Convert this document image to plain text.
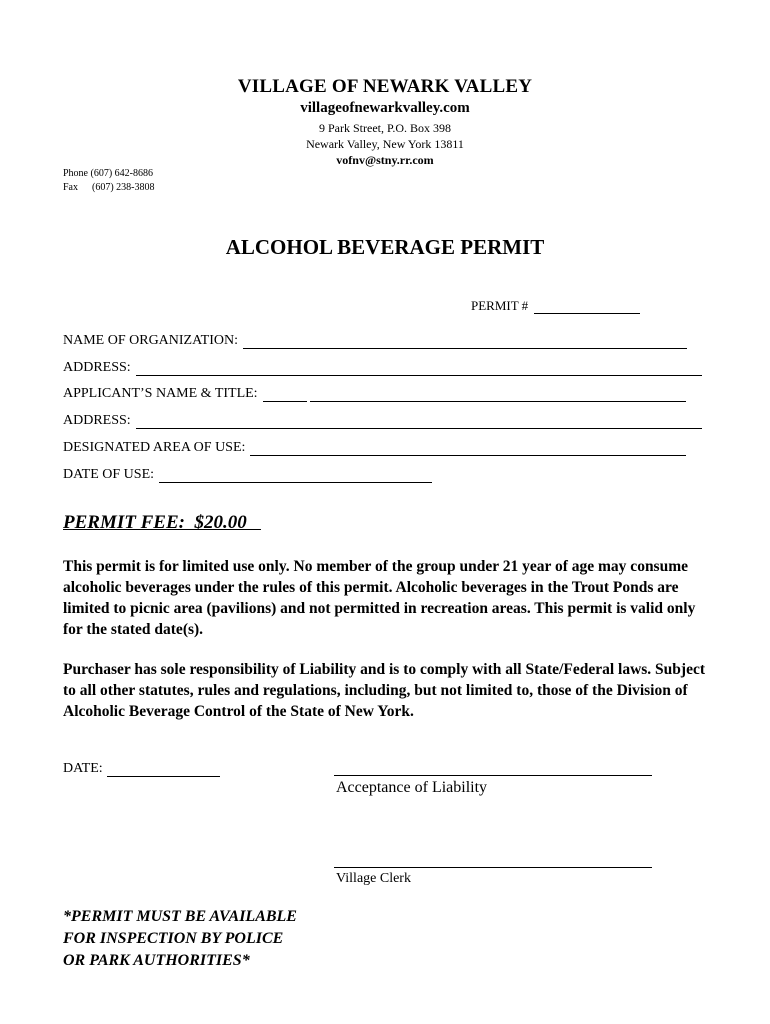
VILLAGE OF NEWARK VALLEY
villageofnewarkvalley.com
9 Park Street, P.O. Box 398
Newark Valley, New York 13811
vofnv@stny.rr.com
Phone (607) 642-8686
Fax (607) 238-3808
ALCOHOL BEVERAGE PERMIT
PERMIT #
NAME OF ORGANIZATION:
ADDRESS:
APPLICANT’S NAME & TITLE:
ADDRESS:
DESIGNATED AREA OF USE:
DATE OF USE:
PERMIT FEE:  $20.00

This permit is for limited use only. No member of the group under 21 year of age may consume alcoholic beverages under the rules of this permit. Alcoholic beverages in the Trout Ponds are limited to picnic area (pavilions) and not permitted in recreation areas. This permit is valid only for the stated date(s).

Purchaser has sole responsibility of Liability and is to comply with all State/Federal laws. Subject to all other statutes, rules and regulations, including, but not limited to, those of the Division of Alcoholic Beverage Control of the State of New York.

DATE:
Acceptance of Liability
Village Clerk
*PERMIT MUST BE AVAILABLE
FOR INSPECTION BY POLICE
OR PARK AUTHORITIES*
